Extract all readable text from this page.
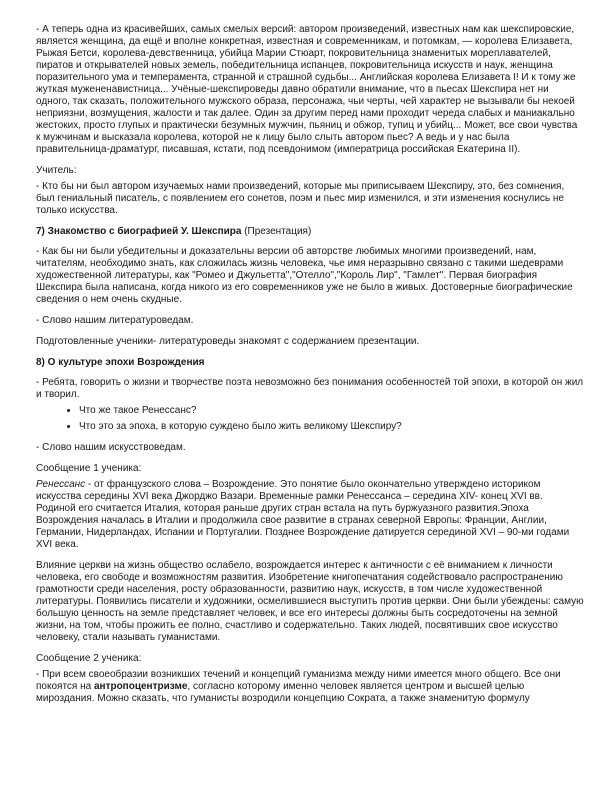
- А теперь одна из красивейших, самых смелых версий: автором произведений, известных нам как шекспировские, является женщина, да ещё и вполне конкретная, известная и современникам, и потомкам, — королева Елизавета, Рыжая Бетси, королева-девственница, убийца Марии Стюарт, покровительница знаменитых мореплавателей, пиратов и открывателей новых земель, победительница испанцев, покровительница искусств и наук, женщина поразительного ума и темперамента, странной и страшной судьбы... Английская королева Елизавета I! И к тому же жуткая мужененавистница... Учёные-шекспироведы давно обратили внимание, что в пьесах Шекспира нет ни одного, так сказать, положительного мужского образа, персонажа, чьи черты, чей характер не вызывали бы некоей неприязни, возмущения, жалости и так далее. Один за другим перед нами проходит череда слабых и маниакально жестоких, просто глупых и практически безумных мужчин, пьяниц и обжор, тупиц и убийц... Может, все свои чувства к мужчинам и высказала королева, которой не к лицу было слыть автором пьес? А ведь и у нас была правительница-драматург, писавшая, кстати, под псевдонимом (императрица российская Екатерина II).

Учитель:

- Кто бы ни был автором изучаемых нами произведений, которые мы приписываем Шекспиру, это, без сомнения, был гениальный писатель, с появлением его сонетов, поэм и пьес мир изменился, и эти изменения коснулись не только искусства.

7) Знакомство с биографией У. Шекспира (Презентация)

- Как бы ни были убедительны и доказательны версии об авторстве любимых многими произведений, нам, читателям, необходимо знать, как сложилась жизнь человека, чье имя неразрывно связано с такими шедеврами художественной литературы, как "Ромео и Джульетта","Отелло","Король Лир", "Гамлет". Первая биография Шекспира была написана, когда никого из его современников уже не было в живых. Достоверные биографические сведения о нем очень скудные.

- Слово нашим литературоведам.

Подготовленные ученики- литературоведы знакомят с содержанием презентации.

8) О культуре эпохи Возрождения

- Ребята, говорить о жизни и творчестве поэта невозможно без понимания особенностей той эпохи, в которой он жил и творил.

• Что же такое Ренессанс?
• Что это за эпоха, в которую суждено было жить великому Шекспиру?

- Слово нашим искусствоведам.

Сообщение 1 ученика:

Ренессанс - от французского слова – Возрождение. Это понятие было окончательно утверждено историком искусства середины XVI века Джорджо Вазари. Временные рамки Ренессанса – середина XIV- конец XVI вв. Родиной его считается Италия, которая раньше других стран встала на путь буржуазного развития.Эпоха Возрождения началась в Италии и продолжила свое развитие в странах северной Европы: Франции, Англии, Германии, Нидерландах, Испании и Португалии. Позднее Возрождение датируется серединой XVI – 90-ми годами XVI века.

Влияние церкви на жизнь общество ослабело, возрождается интерес к античности с её вниманием к личности человека, его свободе и возможностям развития. Изобретение книгопечатания содействовало распространению грамотности среди населения, росту образованности, развитию наук, искусств, в том числе художественной литературы. Появились писатели и художники, осмелившиеся выступить против церкви. Они были убеждены: самую большую ценность на земле представляет человек, и все его интересы должны быть сосредоточены на земной жизни, на том, чтобы прожить ее полно, счастливо и содержательно. Таких людей, посвятивших свое искусство человеку, стали называть гуманистами.

Сообщение 2 ученика:

- При всем своеобразии возникших течений и концепций гуманизма между ними имеется много общего. Все они покоятся на антропоцентризме, согласно которому именно человек является центром и высшей целью мироздания. Можно сказать, что гуманисты возродили концепцию Сократа, а также знаменитую формулу
